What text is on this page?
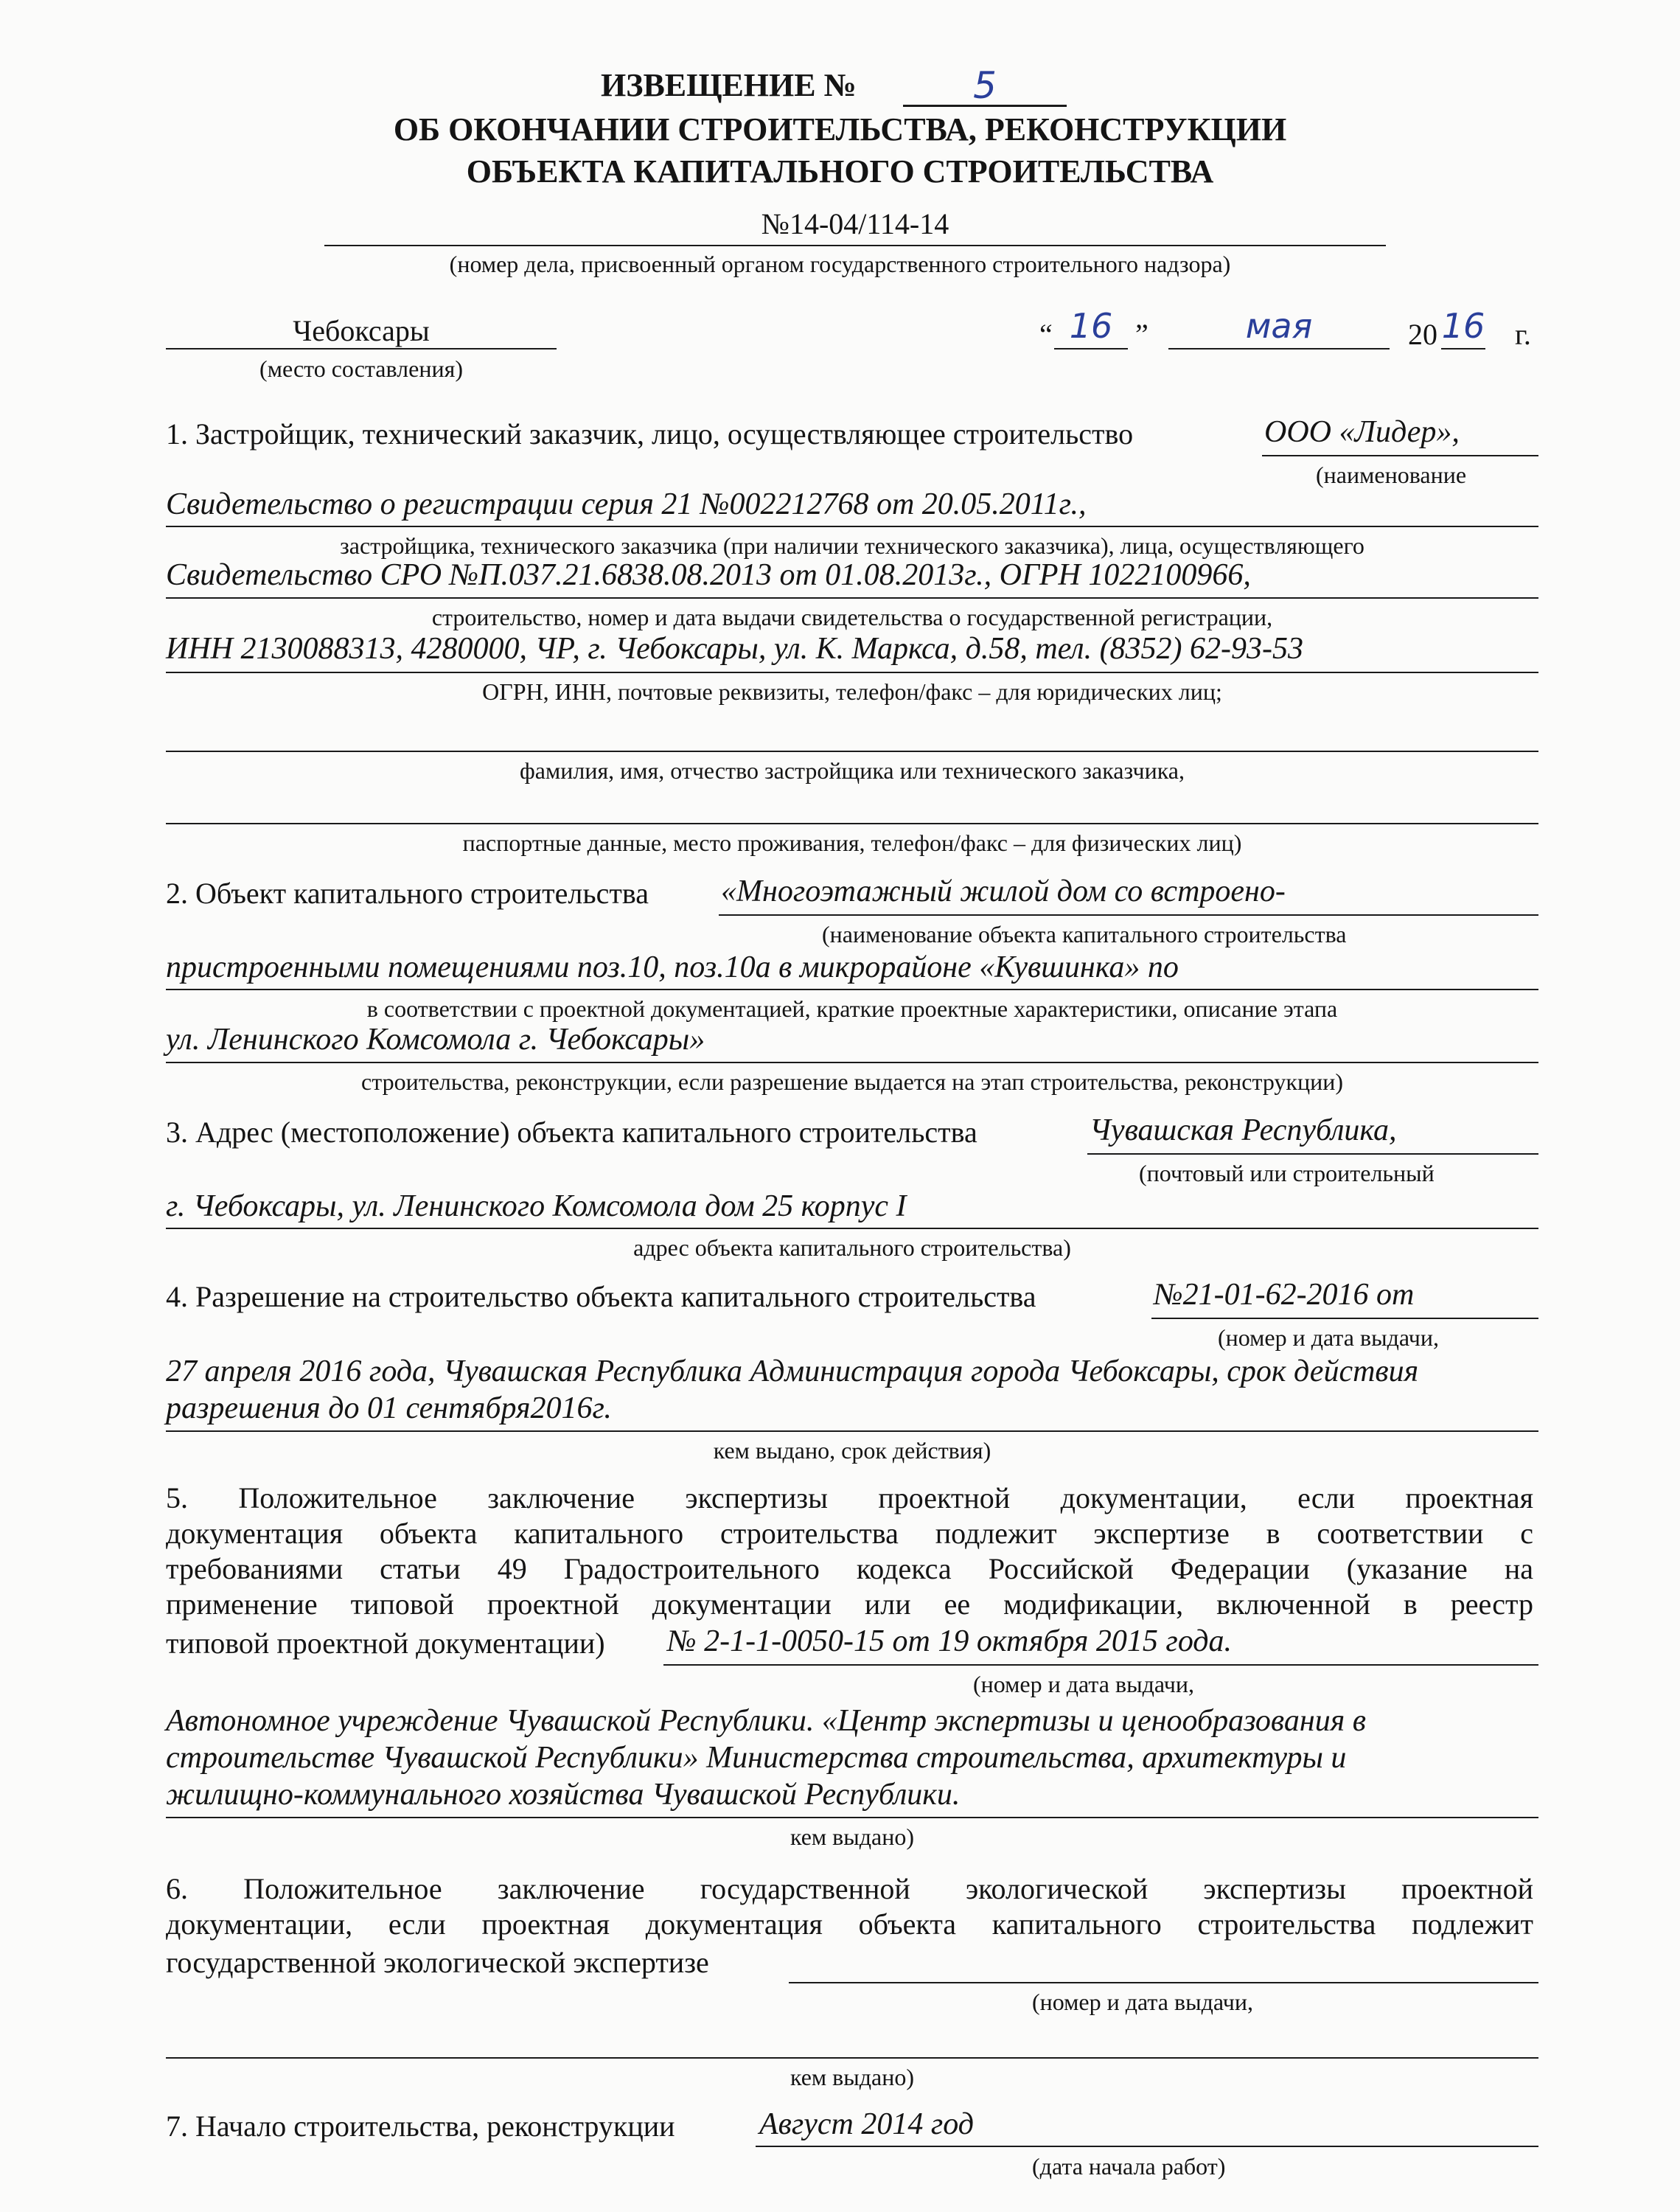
ИЗВЕЩЕНИЕ №	5
ОБ ОКОНЧАНИИ СТРОИТЕЛЬСТВА, РЕКОНСТРУКЦИИ
ОБЪЕКТА КАПИТАЛЬНОГО СТРОИТЕЛЬСТВА
№14-04/114-14
(номер дела, присвоенный органом государственного строительного надзора)
Чебоксары
(место составления)
“ 16 ”	мая	20 16 г.
1. Застройщик, технический заказчик, лицо, осуществляющее строительство	ООО «Лидер»,
(наименование
Свидетельство о регистрации серия 21 №002212768 от 20.05.2011г.,
застройщика, технического заказчика (при наличии технического заказчика), лица, осуществляющего
Свидетельство СРО №П.037.21.6838.08.2013 от 01.08.2013г., ОГРН 1022100966,
строительство, номер и дата выдачи свидетельства о государственной регистрации,
ИНН 2130088313, 4280000, ЧР, г. Чебоксары, ул. К. Маркса, д.58, тел. (8352) 62-93-53
ОГРН, ИНН, почтовые реквизиты, телефон/факс – для юридических лиц;
фамилия, имя, отчество застройщика или технического заказчика,
паспортные данные, место проживания, телефон/факс – для физических лиц)
2. Объект капитального строительства «Многоэтажный жилой дом со встроено-
(наименование объекта капитального строительства
пристроенными помещениями поз.10, поз.10а в микрорайоне «Кувшинка» по
в соответствии с проектной документацией, краткие проектные характеристики, описание этапа
ул. Ленинского Комсомола г. Чебоксары»
строительства, реконструкции, если разрешение выдается на этап строительства, реконструкции)
3. Адрес (местоположение) объекта капитального строительства	Чувашская Республика,
(почтовый или строительный
г. Чебоксары, ул. Ленинского Комсомола дом 25 корпус I
адрес объекта капитального строительства)
4. Разрешение на строительство объекта капитального строительства	№21-01-62-2016 от
(номер и дата выдачи,
27 апреля 2016 года, Чувашская Республика Администрация города Чебоксары, срок действия
разрешения до 01 сентября2016г.
кем выдано, срок действия)
5. Положительное заключение экспертизы проектной документации, если проектная
документация объекта капитального строительства подлежит экспертизе в соответствии с
требованиями статьи 49 Градостроительного кодекса Российской Федерации (указание на
применение типовой проектной документации или ее модификации, включенной в реестр
типовой проектной документации) № 2-1-1-0050-15 от 19 октября 2015 года.
(номер и дата выдачи,
Автономное учреждение Чувашской Республики. «Центр экспертизы и ценообразования в
строительстве Чувашской Республики» Министерства строительства, архитектуры и
жилищно-коммунального хозяйства Чувашской Республики.
кем выдано)
6. Положительное заключение государственной экологической экспертизы проектной
документации, если проектная документация объекта капитального строительства подлежит
государственной экологической экспертизе
(номер и дата выдачи,
кем выдано)
7. Начало строительства, реконструкции	Август 2014 год
(дата начала работ)
